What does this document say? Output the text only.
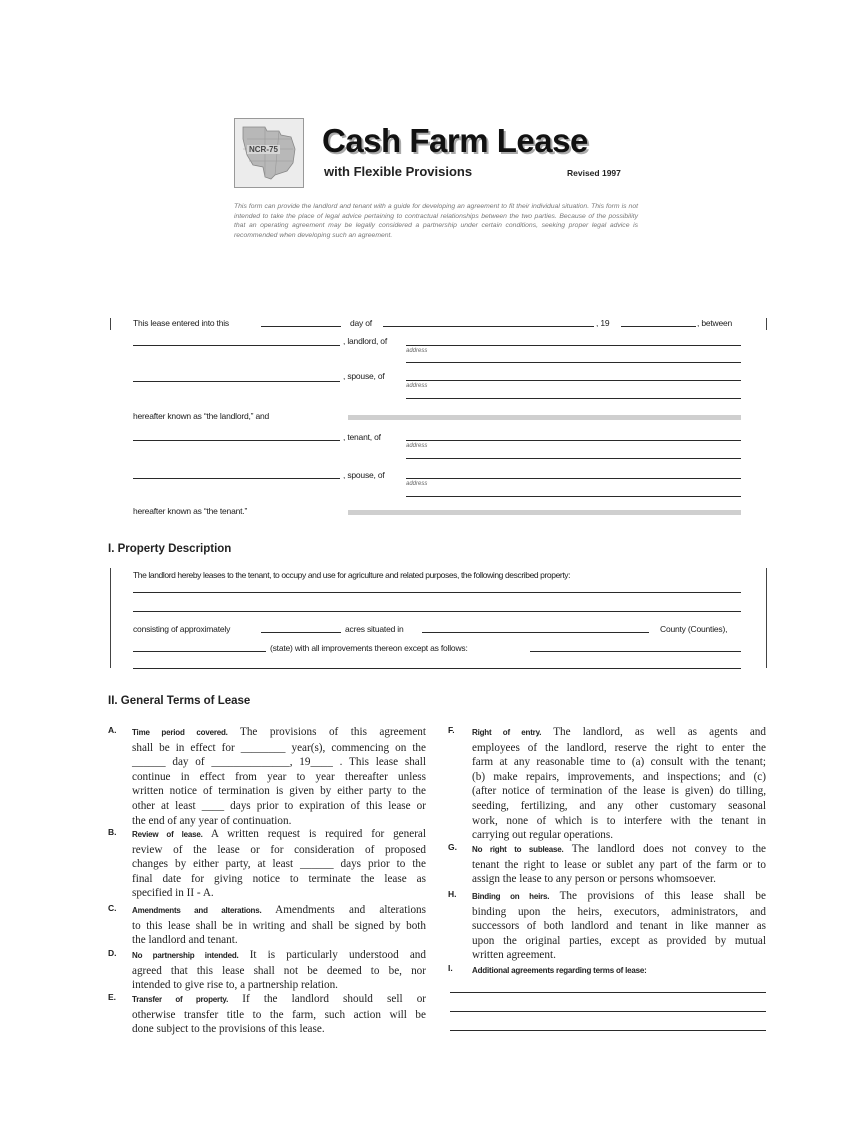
NCR-75 Cash Farm Lease
with Flexible Provisions	Revised 1997
This form can provide the landlord and tenant with a guide for developing an agreement to fit their individual situation. This form is not intended to take the place of legal advice pertaining to contractual relationships between the two parties. Because of the possibility that an operating agreement may be legally considered a partnership under certain conditions, seeking proper legal advice is recommended when developing such an agreement.
This lease entered into this	day of	, 19	, between
, landlord, of
address
, spouse, of
address
hereafter known as “the landlord,” and
, tenant, of
address
, spouse, of
address
hereafter known as “the tenant.”
I. Property Description
The landlord hereby leases to the tenant, to occupy and use for agriculture and related purposes, the following described property:
consisting of approximately	acres situated in	County (Counties),
(state) with all improvements thereon except as follows:
II. General Terms of Lease
A. Time period covered. The provisions of this agreement
shall be in effect for ________ year(s), commencing on the
______ day of ______________, 19____ . This lease shall
continue in effect from year to year thereafter unless
written notice of termination is given by either party to the
other at least ____ days prior to expiration of this lease or
the end of any year of continuation.
B. Review of lease. A written request is required for general
review of the lease or for consideration of proposed
changes by either party, at least ______ days prior to the
final date for giving notice to terminate the lease as
specified in II - A.
C. Amendments and alterations. Amendments and alterations
to this lease shall be in writing and shall be signed by both
the landlord and tenant.
D. No partnership intended. It is particularly understood and
agreed that this lease shall not be deemed to be, nor
intended to give rise to, a partnership relation.
E. Transfer of property. If the landlord should sell or
otherwise transfer title to the farm, such action will be
done subject to the provisions of this lease.
F. Right of entry. The landlord, as well as agents and
employees of the landlord, reserve the right to enter the
farm at any reasonable time to (a) consult with the tenant;
(b) make repairs, improvements, and inspections; and (c)
(after notice of termination of the lease is given) do tilling,
seeding, fertilizing, and any other customary seasonal
work, none of which is to interfere with the tenant in
carrying out regular operations.
G. No right to sublease. The landlord does not convey to the
tenant the right to lease or sublet any part of the farm or to
assign the lease to any person or persons whomsoever.
H. Binding on heirs. The provisions of this lease shall be
binding upon the heirs, executors, administrators, and
successors of both landlord and tenant in like manner as
upon the original parties, except as provided by mutual
written agreement.
I. Additional agreements regarding terms of lease:
